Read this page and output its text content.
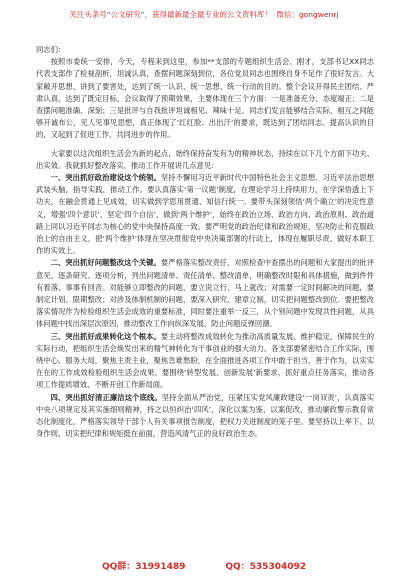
关注头条号“公文研究”，获得最新最全最专业的公文资料库！ 微信：gongwenrj

同志们：

按照市委统一安排，今天，专程来到这里，参加**支部的专题组织生活会。刚才，支部书记XX同志代表支部作了检视剖析，坦诚认真，查摆问题深刻到位，各位党员同志也围绕自身不足作了很好发言。大家敞开思想、讲到了要害处，达到了统一认识、统一思想、统一行动的目的。整个会议开得民主团结、严肃认真，达到了既定目标，会议取得了预期效果，主要体现在三个方面：一是准备充分、态度端正；二是查摆问题准确、深刻；三是批评与自我批评坦诚相见、辣味十足。同志们发言能够结合实际，相互之间能够开诚布公，见人见事见思想，真正体现了‘红红脸、出出汗’的要求，既达到了团结同志、提高认识的目的，又起到了促进工作、共同进步的作用。

大家要以这次组织生活会为新的起点，始终保持奋发有为的精神状态，持续在以下几个方面下功夫、出实效。我就抓好整改落实、推动工作开展讲几点意见：

一、突出抓好政治建设这个统领。坚持不懈用习近平新时代中国特色社会主义思想、习近平法治思想武装头脑，指导实践，推动工作。要认真落实‘第一议题’制度，在理论学习上持续用力，在学深悟透上下功夫，在融会贯通上见成效，切实做到学思用贯通、知信行统一。要带头深刻领悟‘两个确立’的决定性意义，增强‘四个意识’、坚定‘四个自信’、做到‘两个维护’，始终在政治立场、政治方向、政治原则、政治道路上同以习近平同志为核心的党中央保持高度一致。要严明党的政治纪律和政治规矩，坚决防止和克服政治上的自由主义，把‘两个维护’体现在坚决贯彻党中央决策部署的行动上，体现在履职尽责、做好本职工作的实效上。

二、突出抓好问题整改这个关键。要严格落实整改责任，对照检查中查摆出的问题和大家提出的批评意见，逐条研究、逐项分析，列出问题清单、责任清单、整改清单，明确整改时限和具体措施，做到件件有着落、事事有回音。对能够立即整改的问题，要立说立行、马上就改；对需要一定时间解决的问题，要制定计划、限期整改；对涉及体制机制的问题，要深入研究、建章立制，切实把问题整改到位。要把整改落实情况作为检验组织生活会成效的重要标准，同时要注重举一反三，从个别问题中发现共性问题，从具体问题中找出深层次原因，推动整改工作向纵深发展，防止问题反弹回潮。

三、突出抓好成果转化这个根本。要主动将整改成效转化为推动高质量发展、维护稳定、保障民生的实际行动，把组织生活会焕发出来的精气神转化为干事创业的强大动力。各支部要紧密结合工作实际，围绕中心、服务大局，聚焦主责主业，聚焦急难愁盼，在全面推进各项工作中敢于担当、善于作为，以实实在在的工作成效检验组织生活会成果。要围绕‘转型发展、创新发展’新要求，抓好重点任务落实，推动各项工作提质增效，不断开创工作新局面。

四、突出抓好清正廉洁这个底线。坚持全面从严治党，压紧压实党风廉政建设‘一岗双责’，认真落实中央八项规定及其实施细则精神，持之以恒纠治‘四风’，深化以案为鉴、以案促改，推动廉政警示教育常态化制度化，严格落实领导干部个人有关事项报告制度，把权力关进制度的笼子里。要坚持以上率下、以身作则，切实把纪律和规矩挺在前面，营造风清气正的良好政治生态。

QQ群：31991489	QQ：535304092
